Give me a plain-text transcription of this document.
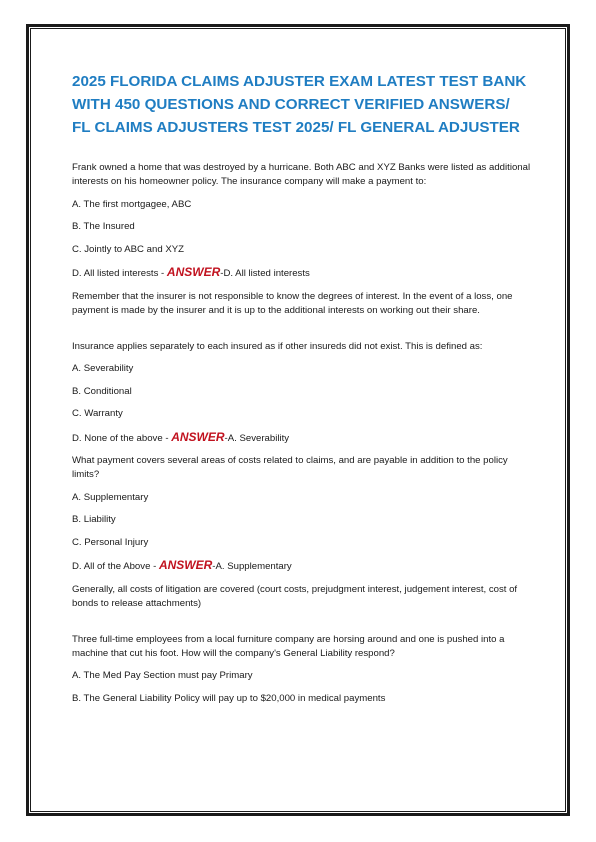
2025 FLORIDA CLAIMS ADJUSTER EXAM LATEST TEST BANK WITH 450 QUESTIONS AND CORRECT VERIFIED ANSWERS/ FL CLAIMS ADJUSTERS TEST 2025/ FL GENERAL ADJUSTER

Frank owned a home that was destroyed by a hurricane. Both ABC and XYZ Banks were listed as additional interests on his homeowner policy. The insurance company will make a payment to:

A. The first mortgagee, ABC

B. The Insured

C. Jointly to ABC and XYZ

D. All listed interests - ANSWER-D. All listed interests

Remember that the insurer is not responsible to know the degrees of interest. In the event of a loss, one payment is made by the insurer and it is up to the additional interests on working out their share.

Insurance applies separately to each insured as if other insureds did not exist. This is defined as:

A. Severability

B. Conditional

C. Warranty

D. None of the above - ANSWER-A. Severability

What payment covers several areas of costs related to claims, and are payable in addition to the policy limits?

A. Supplementary

B. Liability

C. Personal Injury

D. All of the Above - ANSWER-A. Supplementary

Generally, all costs of litigation are covered (court costs, prejudgment interest, judgement interest, cost of bonds to release attachments)

Three full-time employees from a local furniture company are horsing around and one is pushed into a machine that cut his foot. How will the company's General Liability respond?

A. The Med Pay Section must pay Primary

B. The General Liability Policy will pay up to $20,000 in medical payments
